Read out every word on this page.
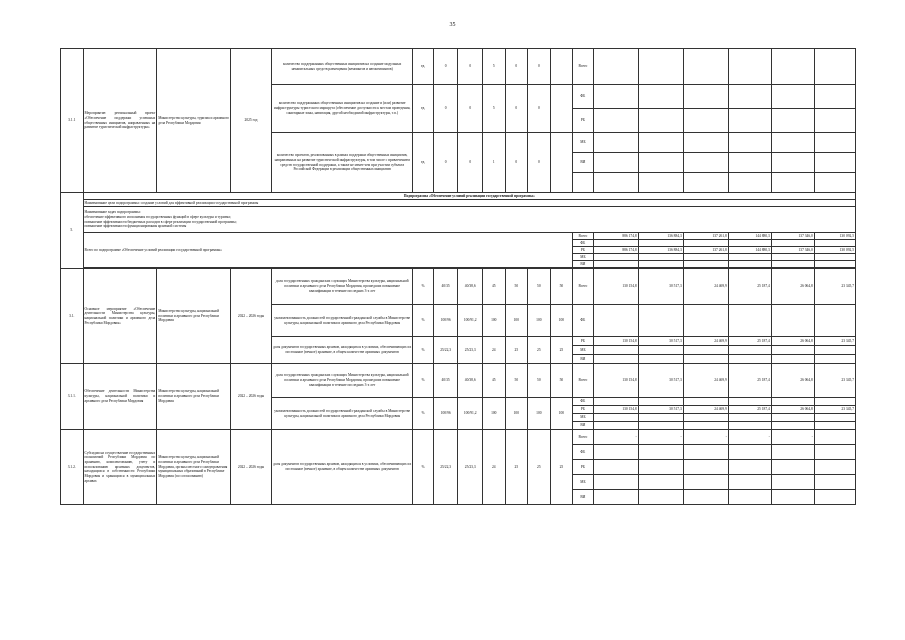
35
3.1.1	Мероприятие: региональный проект «Обеспечение поддержки успешных общественных инициатив, направленных на развитие туристической инфраструктуры»	Министерство культуры, туризма и архивного дела Республики Мордовия	2025 год	количество поддержанных общественных инициатив на создание модульных некапитальных средств размещения (кемпингов и автокемпингов)	ед.	0	0	5	0	0		Всего						
				количество поддержанных общественных инициатив на создание и (или) развитие инфраструктуры туристского маршрута (обеспечение доступности к местам проведения, санитарные зоны, навигация, другой необходимой инфраструктуры, т.п.)	ед.	0	0	5	0	0		ФБ						
												РБ						
				количество проектов, реализованных в рамках поддержки общественных инициатив, направленных на развитие туристической инфраструктуры, в том числе с привлечением средств государственной поддержки, а также не менее чем при участии субъекта Российской Федерации в реализации общественных инициатив	ед.	0	0	1	0	0		МБ						
												ВИ						

5.	Подпрограмма «Обеспечение условий реализации государственной программы»																	
	Наименование цели подпрограммы: создание условий для эффективной реализации государственной программы																	

	Наименование задач подпрограммы:
обеспечение эффективного исполнения государственных функций в сфере культуры и туризма;
повышение эффективности бюджетных расходов в сфере реализации государственной программы;
повышение эффективности функционирования архивной системы																	

	Всего по подпрограмме «Обеспечение условий реализации государственной программы»											Всего	886 174,8	136 884,3	137 261,8	144 880,3	137 346,0	130 092,5
												ФБ						
												РБ	886 174,8	136 884,3	137 261,8	144 880,3	137 346,0	130 092,5
												МБ						
												ВИ						

3.1.	Основное мероприятие «Обеспечение деятельности Министерства культуры, национальной политики и архивного дела Республики Мордовия»	Министерство культуры, национальной политики и архивного дела Республики Мордовия	2022 – 2026 годы	доля государственных гражданских служащих Министерства культуры, национальной политики и архивного дела Республики Мордовия, прошедших повышение квалификации в течение последних 3-х лет	%	40/35	40/38,6	45	50	50	50	Всего	130 154,8	30 517,3	24 469,9	25 187,4	26 064,8	23 345,7
				укомплектованность должностей государственной гражданской службы в Министерстве культуры, национальной политики и архивного дела Республики Мордовия	%	100/96	100/91,2	100	100	100	100	ФБ						
				доля документов государственных архивов, находящихся в условиях, обеспечивающих их постоянное (вечное) хранение, в общем количестве архивных документов	%	25/22,3	25/23,3	24	25	25	25	РБ	130 154,8	30 517,3	24 469,9	25 187,4	26 064,8	23 345,7
												МБ						
												ВИ						
3.1.1.	Обеспечение деятельности Министерства культуры, национальной политики и архивного дела Республики Мордовия	Министерство культуры, национальной политики и архивного дела Республики Мордовия	2022 – 2026 годы	доля государственных гражданских служащих Министерства культуры, национальной политики и архивного дела Республики Мордовия, прошедших повышение квалификации в течение последних 3-х лет	%	40/35	40/38,6	45	50	50	50	Всего	130 154,8	30 517,3	24 469,9	25 187,4	26 064,8	23 345,7
				укомплектованность должностей государственной гражданской службы в Министерстве культуры, национальной политики и архивного дела Республики Мордовия	%	100/96	100/91,2	100	100	100	100	ФБ						
												РБ	130 154,8	30 517,3	24 469,9	25 187,4	26 064,8	23 345,7
												МБ						
												ВИ						
3.1.2.	Субсидии на осуществление государственных полномочий Республики Мордовия по хранению, комплектованию, учету и использованию архивных документов, находящихся в собственности Республики Мордовия и хранящихся в муниципальных архивах	Министерство культуры, национальной политики и архивного дела Республики Мордовия, органы местного самоуправления муниципальных образований в Республике Мордовия (по согласованию)	2022 – 2026 годы	доля документов государственных архивов, находящихся в условиях, обеспечивающих их постоянное (вечное) хранение, в общем количестве архивных документов	%	25/22,3	25/23,3	24	25	25	25	Всего	-	-	-	-	-	
												ФБ						
												РБ						
												МБ						
												ВИ						
